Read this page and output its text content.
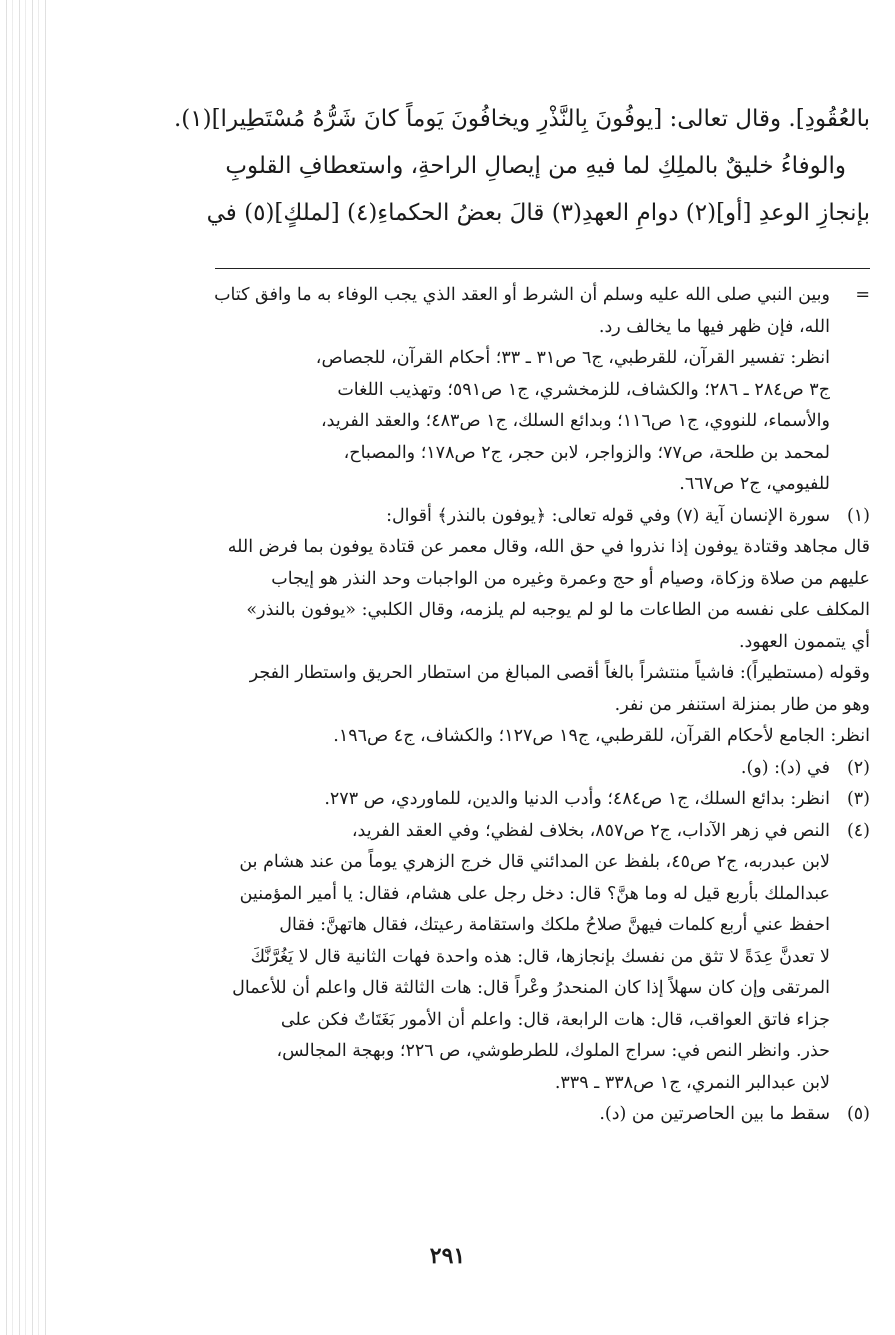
بالعُقُودِ]. وقال تعالى: [يوفُونَ بِالنَّذْرِ ويخافُونَ يَوماً كانَ شَرُّهُ مُسْتَطِيرا](١).
والوفاءُ خليقٌ بالملِكِ لما فيهِ من إيصالِ الراحةِ، واستعطافِ القلوبِ
بإنجازِ الوعدِ [أو](٢) دوامِ العهدِ(٣) قالَ بعضُ الحكماءِ(٤) [لملكٍ](٥) في

=
وبين النبي صلى الله عليه وسلم أن الشرط أو العقد الذي يجب الوفاء به ما وافق كتاب
الله، فإن ظهر فيها ما يخالف رد.
انظر: تفسير القرآن، للقرطبي، ج٦ ص٣١ ـ ٣٣؛ أحكام القرآن، للجصاص،
ج٣ ص٢٨٤ ـ ٢٨٦؛ والكشاف، للزمخشري، ج١ ص٥٩١؛ وتهذيب اللغات
والأسماء، للنووي، ج١ ص١١٦؛ وبدائع السلك، ج١ ص٤٨٣؛ والعقد الفريد،
لمحمد بن طلحة، ص٧٧؛ والزواجر، لابن حجر، ج٢ ص١٧٨؛ والمصباح،
للفيومي، ج٢ ص٦٦٧.
(١)
سورة الإنسان آية (٧) وفي قوله تعالى: ﴿يوفون بالنذر﴾ أقوال:
قال مجاهد وقتادة يوفون إذا نذروا في حق الله، وقال معمر عن قتادة يوفون بما فرض الله
عليهم من صلاة وزكاة، وصيام أو حج وعمرة وغيره من الواجبات وحد النذر هو إيجاب
المكلف على نفسه من الطاعات ما لو لم يوجبه لم يلزمه، وقال الكلبي: «يوفون بالنذر»
أي يتممون العهود.
وقوله (مستطيراً): فاشياً منتشراً بالغاً أقصى المبالغ من استطار الحريق واستطار الفجر
وهو من طار بمنزلة استنفر من نفر.
انظر: الجامع لأحكام القرآن، للقرطبي، ج١٩ ص١٢٧؛ والكشاف، ج٤ ص١٩٦.
(٢)
في (د): (و).
(٣)
انظر: بدائع السلك، ج١ ص٤٨٤؛ وأدب الدنيا والدين، للماوردي، ص ٢٧٣.
(٤)
النص في زهر الآداب، ج٢ ص٨٥٧، بخلاف لفظي؛ وفي العقد الفريد،
لابن عبدربه، ج٢ ص٤٥، بلفظ عن المدائني قال خرج الزهري يوماً من عند هشام بن
عبدالملك بأربع قيل له وما هنَّ؟ قال: دخل رجل على هشام، فقال: يا أمير المؤمنين
احفظ عني أربع كلمات فيهنَّ صلاحُ ملكك واستقامة رعيتك، فقال هاتهنَّ: فقال
لا تعدنَّ عِدَةً لا تثق من نفسك بإنجازها، قال: هذه واحدة فهات الثانية قال لا يَغُرَّنَّكَ
المرتقى وإن كان سهلاً إذا كان المنحدرُ وعْراً قال: هات الثالثة قال واعلم أن للأعمال
جزاء فاتق العواقب، قال: هات الرابعة، قال: واعلم أن الأمور بَغَتَاتٌ فكن على
حذر. وانظر النص في: سراج الملوك، للطرطوشي، ص ٢٢٦؛ وبهجة المجالس،
لابن عبدالبر النمري، ج١ ص٣٣٨ ـ ٣٣٩.
(٥)
سقط ما بين الحاصرتين من (د).
٢٩١
